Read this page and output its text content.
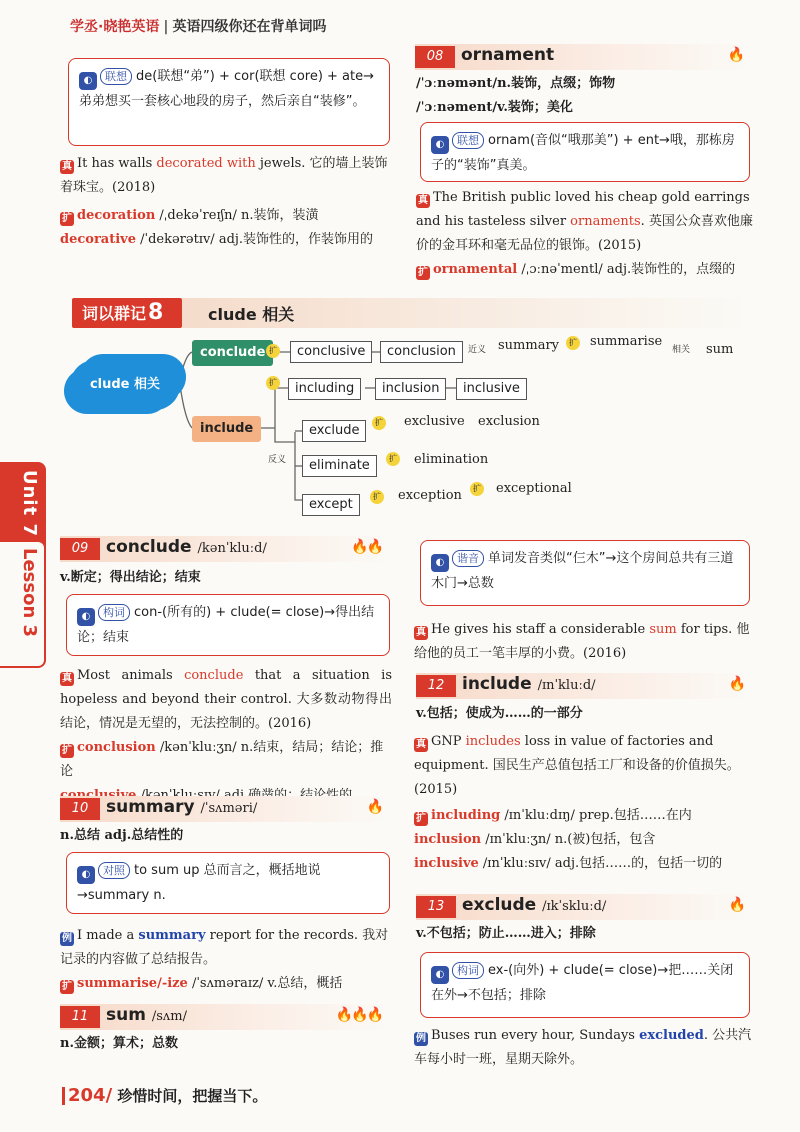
学丞·晓艳英语 | 英语四级你还在背单词吗
◐ 联想 de(联想“弟”) + cor(联想 core) + ate→弟弟想买一套核心地段的房子，然后亲自“装修”。

真 It has walls decorated with jewels. 它的墙上装饰着珠宝。(2018)

扩 decoration /ˌdekəˈreɪʃn/ n.装饰，装潢

decorative /ˈdekərətɪv/ adj.装饰性的，作装饰用的

08	ornament	🔥

/ˈɔːnəmənt/n.装饰，点缀；饰物

/ˈɔːnəment/v.装饰；美化

◐ 联想 ornam(音似“哦那美”) + ent→哦，那栋房子的“装饰”真美。

真 The British public loved his cheap gold earrings and his tasteless silver ornaments. 英国公众喜欢他廉价的金耳环和毫无品位的银饰。(2015)

扩 ornamental /ˌɔːnəˈmentl/ adj.装饰性的，点缀的

词以群记8	clude 相关
clude 相关
conclude
include
扩	conclusive	conclusion	近义 summary	扩 summarise
相关 sum
扩	including	inclusion	inclusive
反义
exclude
扩 exclusive exclusion
eliminate	扩 elimination
except
扩 exception	扩 exceptional
Unit 7
Lesson 3	09	conclude /kənˈkluːd/	🔥🔥

v.断定；得出结论；结束

◐ 构词 con-(所有的) + clude(= close)→得出结论；结束

真 Most animals conclude that a situation is hopeless and beyond their control. 大多数动物得出结论，情况是无望的，无法控制的。(2016)

扩 conclusion /kənˈkluːʒn/ n.结束，结局；结论；推论

10	summary /ˈsʌməri/	🔥

n.总结 adj.总结性的

◐ 对照 to sum up 总而言之，概括地说→summary n.

例 I made a summary report for the records. 我对记录的内容做了总结报告。

扩 summarise/-ize /ˈsʌməraɪz/ v.总结，概括

11	sum /sʌm/	🔥🔥🔥

n.金额；算术；总数

◐ 谐音 单词发音类似“仨木”→这个房间总共有三道木门→总数

真 He gives his staff a considerable sum for tips. 他给他的员工一笔丰厚的小费。(2016)

12	include /ɪnˈkluːd/	🔥

v.包括；使成为……的一部分

真 GNP includes loss in value of factories and equipment. 国民生产总值包括工厂和设备的价值损失。(2015)

扩 including /ɪnˈkluːdɪŋ/ prep.包括……在内

inclusion /ɪnˈkluːʒn/ n.(被)包括，包含

inclusive /ɪnˈkluːsɪv/ adj.包括……的，包括一切的

13	exclude /ɪkˈskluːd/	🔥

v.不包括；防止……进入；排除

◐ 构词 ex-(向外) + clude(= close)→把……关闭在外→不包括；排除

例 Buses run every hour, Sundays excluded. 公共汽车每小时一班，星期天除外。

204/ 珍惜时间，把握当下。
